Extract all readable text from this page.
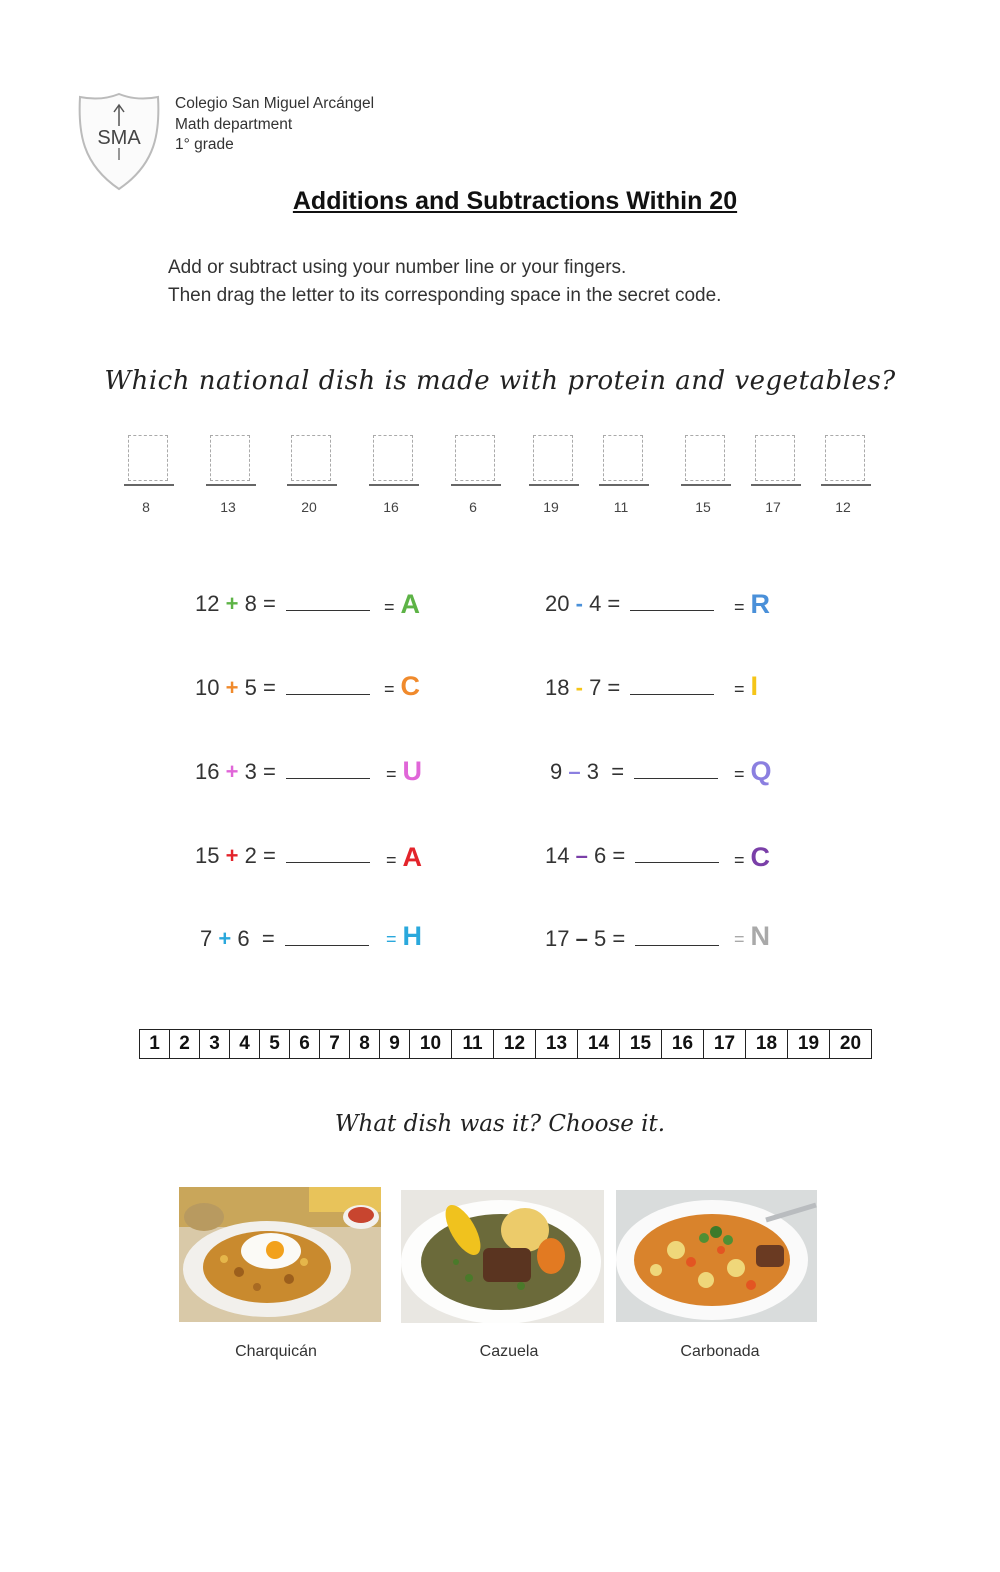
SMA
Colegio San Miguel Arcángel
Math department
1° grade
Additions and Subtractions Within 20
Add or subtract using your number line or your fingers.
Then drag the letter to its corresponding space in the secret code.
Which national dish is made with protein and vegetables?
8	13	20	16	6	19	11	15	17	12
12 + 8 =	= A
10 + 5 =	= C
16 + 3 =	= U
15 + 2 =	= A
7 + 6  =	= H
20 - 4 =	= R
18 - 7 =	= I
9 – 3  =	= Q
14 – 6 =	= C
17 – 5 =	= N
1	2	3	4	5	6	7	8	9	10	11	12	13	14	15	16	17	18	19	20
What dish was it? Choose it.
Charquicán	Cazuela	Carbonada
